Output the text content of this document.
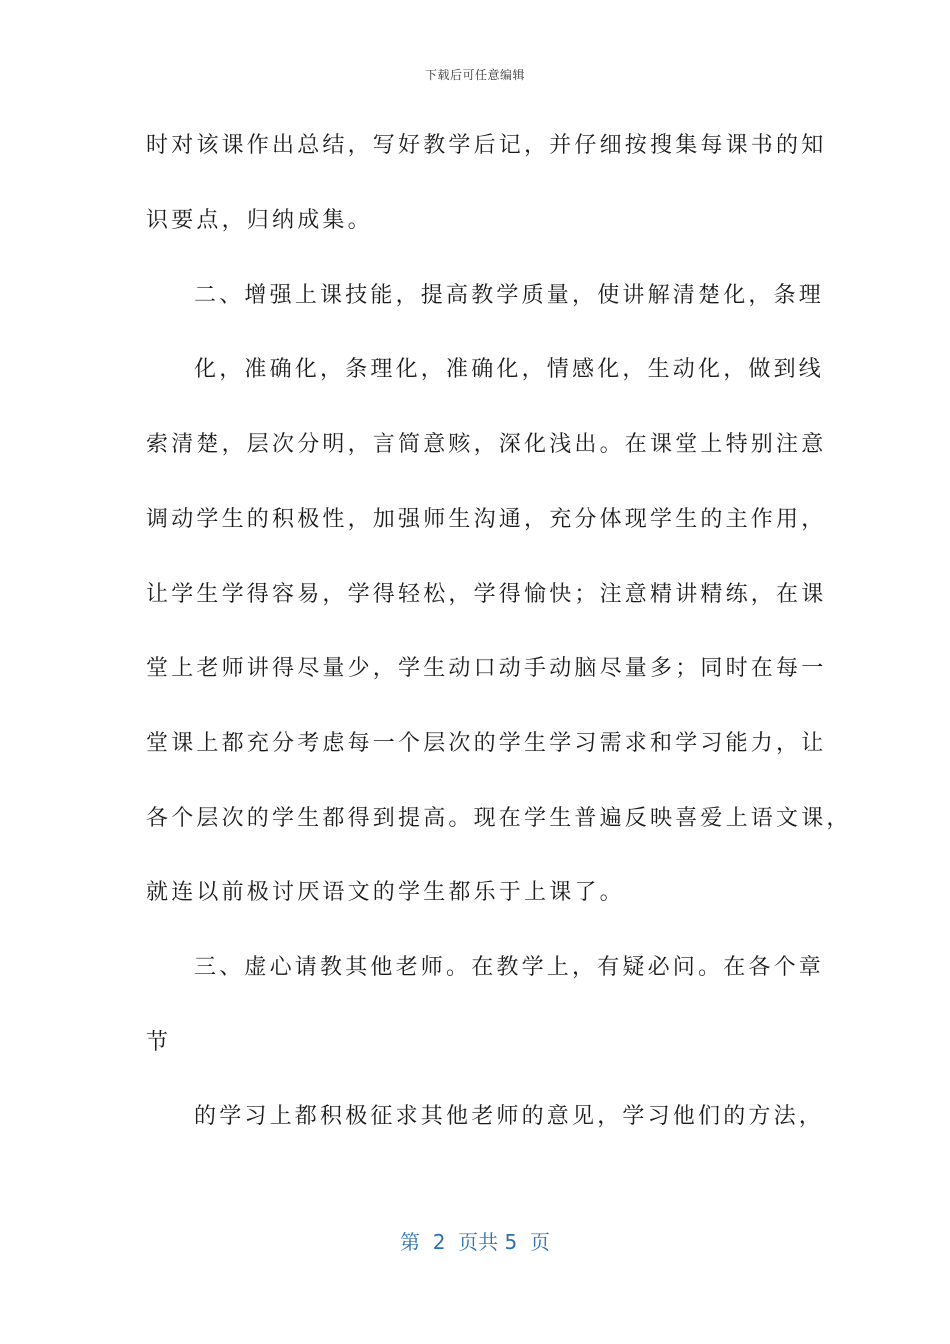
下载后可任意编辑
时对该课作出总结，写好教学后记，并仔细按搜集每课书的知
识要点，归纳成集。
二、增强上课技能，提高教学质量，使讲解清楚化，条理
化，准确化，条理化，准确化，情感化，生动化，做到线
索清楚，层次分明，言简意赅，深化浅出。在课堂上特别注意
调动学生的积极性，加强师生沟通，充分体现学生的主作用，
让学生学得容易，学得轻松，学得愉快；注意精讲精练，在课
堂上老师讲得尽量少，学生动口动手动脑尽量多；同时在每一
堂课上都充分考虑每一个层次的学生学习需求和学习能力，让
各个层次的学生都得到提高。现在学生普遍反映喜爱上语文课，
就连以前极讨厌语文的学生都乐于上课了。
三、虚心请教其他老师。在教学上，有疑必问。在各个章
节
的学习上都积极征求其他老师的意见，学习他们的方法，
第  2  页共 5  页
